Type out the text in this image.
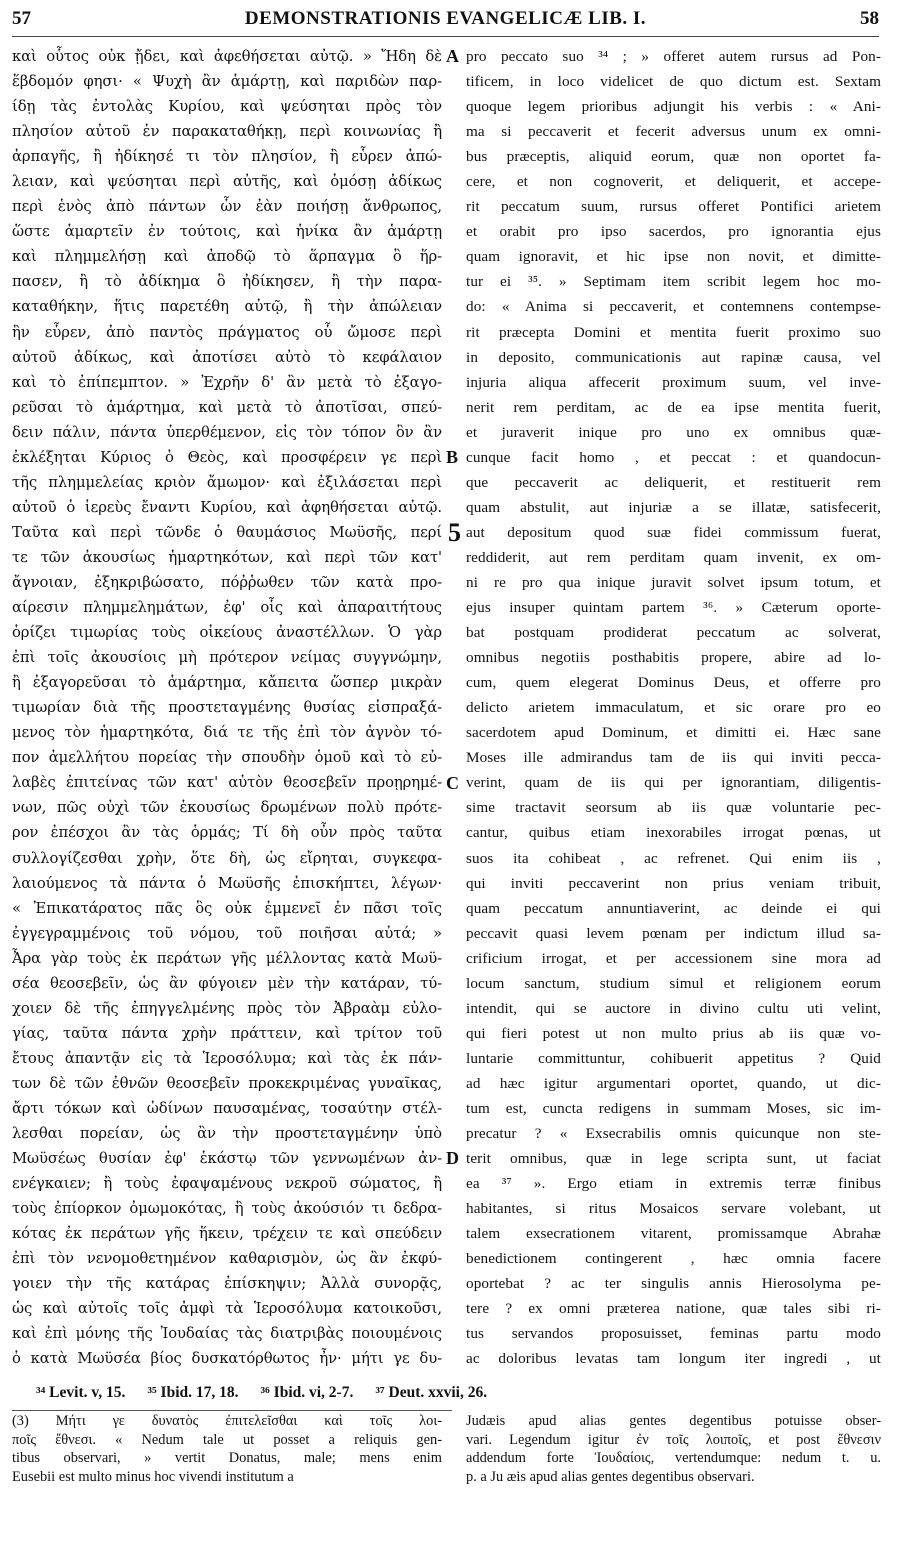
57	DEMONSTRATIONIS EVANGELICÆ LIB. I.	58
καὶ οὗτος οὐκ ᾔδει, καὶ ἀφεθήσεται αὐτῷ. » Ἤδη δὲ
ἕβδομόν φησι· « Ψυχὴ ἂν ἁμάρτῃ, καὶ παριδὼν παρ-
ίδῃ τὰς ἐντολὰς Κυρίου, καὶ ψεύσηται πρὸς τὸν
πλησίον αὐτοῦ ἐν παρακαταθήκῃ, περὶ κοινωνίας ἢ
ἁρπαγῆς, ἢ ἠδίκησέ τι τὸν πλησίον, ἢ εὗρεν ἀπώ-
λειαν, καὶ ψεύσηται περὶ αὐτῆς, καὶ ὀμόσῃ ἀδίκως
περὶ ἑνὸς ἀπὸ πάντων ὧν ἐὰν ποιήσῃ ἄνθρωπος,
ὥστε ἁμαρτεῖν ἐν τούτοις, καὶ ἡνίκα ἂν ἁμάρτῃ
καὶ πλημμελήσῃ καὶ ἀποδῷ τὸ ἅρπαγμα ὃ ἥρ-
πασεν, ἢ τὸ ἀδίκημα ὃ ἠδίκησεν, ἢ τὴν παρα-
καταθήκην, ἥτις παρετέθη αὐτῷ, ἢ τὴν ἀπώλειαν
ἣν εὗρεν, ἀπὸ παντὸς πράγματος οὗ ὤμοσε περὶ
αὐτοῦ ἀδίκως, καὶ ἀποτίσει αὐτὸ τὸ κεφάλαιον
καὶ τὸ ἐπίπεμπτον. » Ἐχρῆν δ' ἂν μετὰ τὸ ἐξαγο-
ρεῦσαι τὸ ἁμάρτημα, καὶ μετὰ τὸ ἀποτῖσαι, σπεύ-
δειν πάλιν, πάντα ὑπερθέμενον, εἰς τὸν τόπον ὃν ἂν
ἐκλέξηται Κύριος ὁ Θεὸς, καὶ προσφέρειν γε περὶ
τῆς πλημμελείας κριὸν ἄμωμον· καὶ ἐξιλάσεται περὶ
αὐτοῦ ὁ ἱερεὺς ἔναντι Κυρίου, καὶ ἀφηθήσεται αὐτῷ.
Ταῦτα καὶ περὶ τῶνδε ὁ θαυμάσιος Μωϋσῆς, περί
τε τῶν ἀκουσίως ἡμαρτηκότων, καὶ περὶ τῶν κατ'
ἄγνοιαν, ἐξηκριβώσατο, πόῤῥωθεν τῶν κατὰ προ-
αίρεσιν πλημμελημάτων, ἐφ' οἷς καὶ ἀπαραιτήτους
ὁρίζει τιμωρίας τοὺς οἰκείους ἀναστέλλων. Ὁ γὰρ
ἐπὶ τοῖς ἀκουσίοις μὴ πρότερον νείμας συγγνώμην,
ἢ ἐξαγορεῦσαι τὸ ἁμάρτημα, κἄπειτα ὥσπερ μικρὰν
τιμωρίαν διὰ τῆς προστεταγμένης θυσίας εἰσπραξά-
μενος τὸν ἡμαρτηκότα, διά τε τῆς ἐπὶ τὸν ἁγνὸν τό-
πον ἀμελλήτου πορείας τὴν σπουδὴν ὁμοῦ καὶ τὸ εὐ-
λαβὲς ἐπιτείνας τῶν κατ' αὐτὸν θεοσεβεῖν προῃρημέ-
νων, πῶς οὐχὶ τῶν ἑκουσίως δρωμένων πολὺ πρότε-
ρον ἐπέσχοι ἂν τὰς ὁρμάς; Τί δὴ οὖν πρὸς ταῦτα
συλλογίζεσθαι χρὴν, ὅτε δὴ, ὡς εἴρηται, συγκεφα-
λαιούμενος τὰ πάντα ὁ Μωϋσῆς ἐπισκήπτει, λέγων·
« Ἐπικατάρατος πᾶς ὃς οὐκ ἐμμενεῖ ἐν πᾶσι τοῖς
ἐγγεγραμμένοις τοῦ νόμου, τοῦ ποιῆσαι αὐτά; »
Ἆρα γὰρ τοὺς ἐκ περάτων γῆς μέλλοντας κατὰ Μωϋ-
σέα θεοσεβεῖν, ὡς ἂν φύγοιεν μὲν τὴν κατάραν, τύ-
χοιεν δὲ τῆς ἐπηγγελμένης πρὸς τὸν Ἀβραὰμ εὐλο-
γίας, ταῦτα πάντα χρὴν πράττειν, καὶ τρίτον τοῦ
ἔτους ἀπαντᾷν εἰς τὰ Ἱεροσόλυμα; καὶ τὰς ἐκ πάν-
των δὲ τῶν ἐθνῶν θεοσεβεῖν προκεκριμένας γυναῖκας,
ἄρτι τόκων καὶ ὠδίνων παυσαμένας, τοσαύτην στέλ-
λεσθαι πορείαν, ὡς ἂν τὴν προστεταγμένην ὑπὸ
Μωϋσέως θυσίαν ἐφ' ἑκάστῳ τῶν γεννωμένων ἀν-
ενέγκαιεν; ἢ τοὺς ἐφαψαμένους νεκροῦ σώματος, ἢ
τοὺς ἐπίορκον ὀμωμοκότας, ἢ τοὺς ἀκούσιόν τι δεδρα-
κότας ἐκ περάτων γῆς ἥκειν, τρέχειν τε καὶ σπεύδειν
ἐπὶ τὸν νενομοθετημένον καθαρισμὸν, ὡς ἂν ἐκφύ-
γοιεν τὴν τῆς κατάρας ἐπίσκηψιν; Ἀλλὰ συνορᾷς,
ὡς καὶ αὐτοῖς τοῖς ἀμφὶ τὰ Ἱεροσόλυμα κατοικοῦσι,
καὶ ἐπὶ μόνης τῆς Ἰουδαίας τὰς διατριβὰς ποιουμένοις
ὁ κατὰ Μωϋσέα βίος δυσκατόρθωτος ἦν· μήτι γε δυ-
pro peccato suo ³⁴ ; » offeret autem rursus ad Pon-
tificem, in loco videlicet de quo dictum est. Sextam
quoque legem prioribus adjungit his verbis : « Ani-
ma si peccaverit et fecerit adversus unum ex omni-
bus præceptis, aliquid eorum, quæ non oportet fa-
cere, et non cognoverit, et deliquerit, et accepe-
rit peccatum suum, rursus offeret Pontifici arietem
et orabit pro ipso sacerdos, pro ignorantia ejus
quam ignoravit, et hic ipse non novit, et dimitte-
tur ei ³⁵. » Septimam item scribit legem hoc mo-
do: « Anima si peccaverit, et contemnens contempse-
rit præcepta Domini et mentita fuerit proximo suo
in deposito, communicationis aut rapinæ causa, vel
injuria aliqua affecerit proximum suum, vel inve-
nerit rem perditam, ac de ea ipse mentita fuerit,
et juraverit inique pro uno ex omnibus quæ-
cunque facit homo , et peccat : et quandocun-
que peccaverit ac deliquerit, et restituerit rem
quam abstulit, aut injuriæ a se illatæ, satisfecerit,
aut depositum quod suæ fidei commissum fuerat,
reddiderit, aut rem perditam quam invenit, ex om-
ni re pro qua inique juravit solvet ipsum totum, et
ejus insuper quintam partem ³⁶. » Cæterum oporte-
bat postquam prodiderat peccatum ac solverat,
omnibus negotiis posthabitis propere, abire ad lo-
cum, quem elegerat Dominus Deus, et offerre pro
delicto arietem immaculatum, et sic orare pro eo
sacerdotem apud Dominum, et dimitti ei. Hæc sane
Moses ille admirandus tam de iis qui inviti pecca-
verint, quam de iis qui per ignorantiam, diligentis-
sime tractavit seorsum ab iis quæ voluntarie pec-
cantur, quibus etiam inexorabiles irrogat pœnas, ut
suos ita cohibeat , ac refrenet. Qui enim iis ,
qui inviti peccaverint non prius veniam tribuit,
quam peccatum annuntiaverint, ac deinde ei qui
peccavit quasi levem pœnam per indictum illud sa-
crificium irrogat, et per accessionem sine mora ad
locum sanctum, studium simul et religionem eorum
intendit, qui se auctore in divino cultu uti velint,
qui fieri potest ut non multo prius ab iis quæ vo-
luntarie committuntur, cohibuerit appetitus ? Quid
ad hæc igitur argumentari oportet, quando, ut dic-
tum est, cuncta redigens in summam Moses, sic im-
precatur ? « Exsecrabilis omnis quicunque non ste-
terit omnibus, quæ in lege scripta sunt, ut faciat
ea ³⁷ ». Ergo etiam in extremis terræ finibus
habitantes, si ritus Mosaicos servare volebant, ut
talem exsecrationem vitarent, promissamque Abrahæ
benedictionem contingerent , hæc omnia facere
oportebat ? ac ter singulis annis Hierosolyma pe-
tere ? ex omni præterea natione, quæ tales sibi ri-
tus servandos proposuisset, feminas partu modo
ac doloribus levatas tam longum iter ingredi , ut
A
B
C
D
5
³⁴ Levit. v, 15. ³⁵ Ibid. 17, 18. ³⁶ Ibid. vi, 2-7. ³⁷ Deut. xxvii, 26.
(3) Μήτι γε δυνατὸς ἐπιτελεῖσθαι καὶ τοῖς λοι-
ποῖς ἔθνεσι. « Nedum tale ut posset a reliquis gen-
tibus observari, » vertit Donatus, male; mens enim
Eusebii est multo minus hoc vivendi institutum a
Judæis apud alias gentes degentibus potuisse obser-
vari. Legendum igitur ἐν τοῖς λοιποῖς, et post ἔθνεσιν
addendum forte Ἰουδαίοις, vertendumque: nedum t. u.
p. a Ju æis apud alias gentes degentibus observari.
